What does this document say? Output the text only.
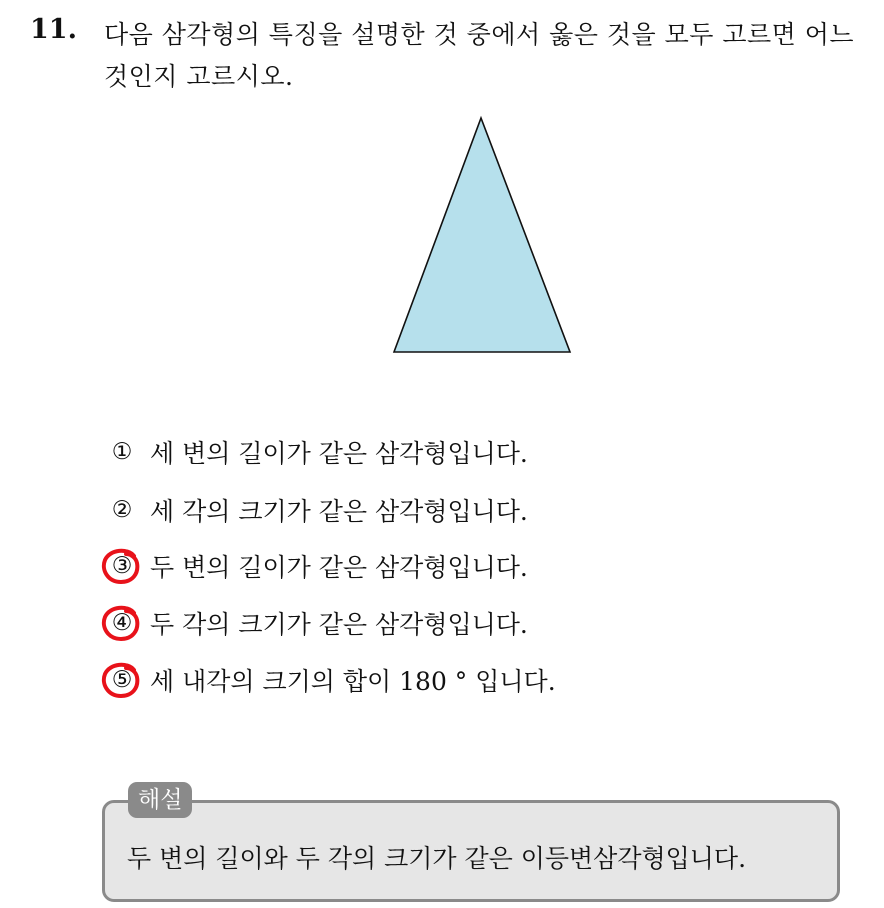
11. 다음 삼각형의 특징을 설명한 것 중에서 옳은 것을 모두 고르면 어느
것인지 고르시오.
① 세 변의 길이가 같은 삼각형입니다.
② 세 각의 크기가 같은 삼각형입니다.
③ 두 변의 길이가 같은 삼각형입니다.
④ 두 각의 크기가 같은 삼각형입니다.
⑤ 세 내각의 크기의 합이 180 ° 입니다.
해설
두 변의 길이와 두 각의 크기가 같은 이등변삼각형입니다.
